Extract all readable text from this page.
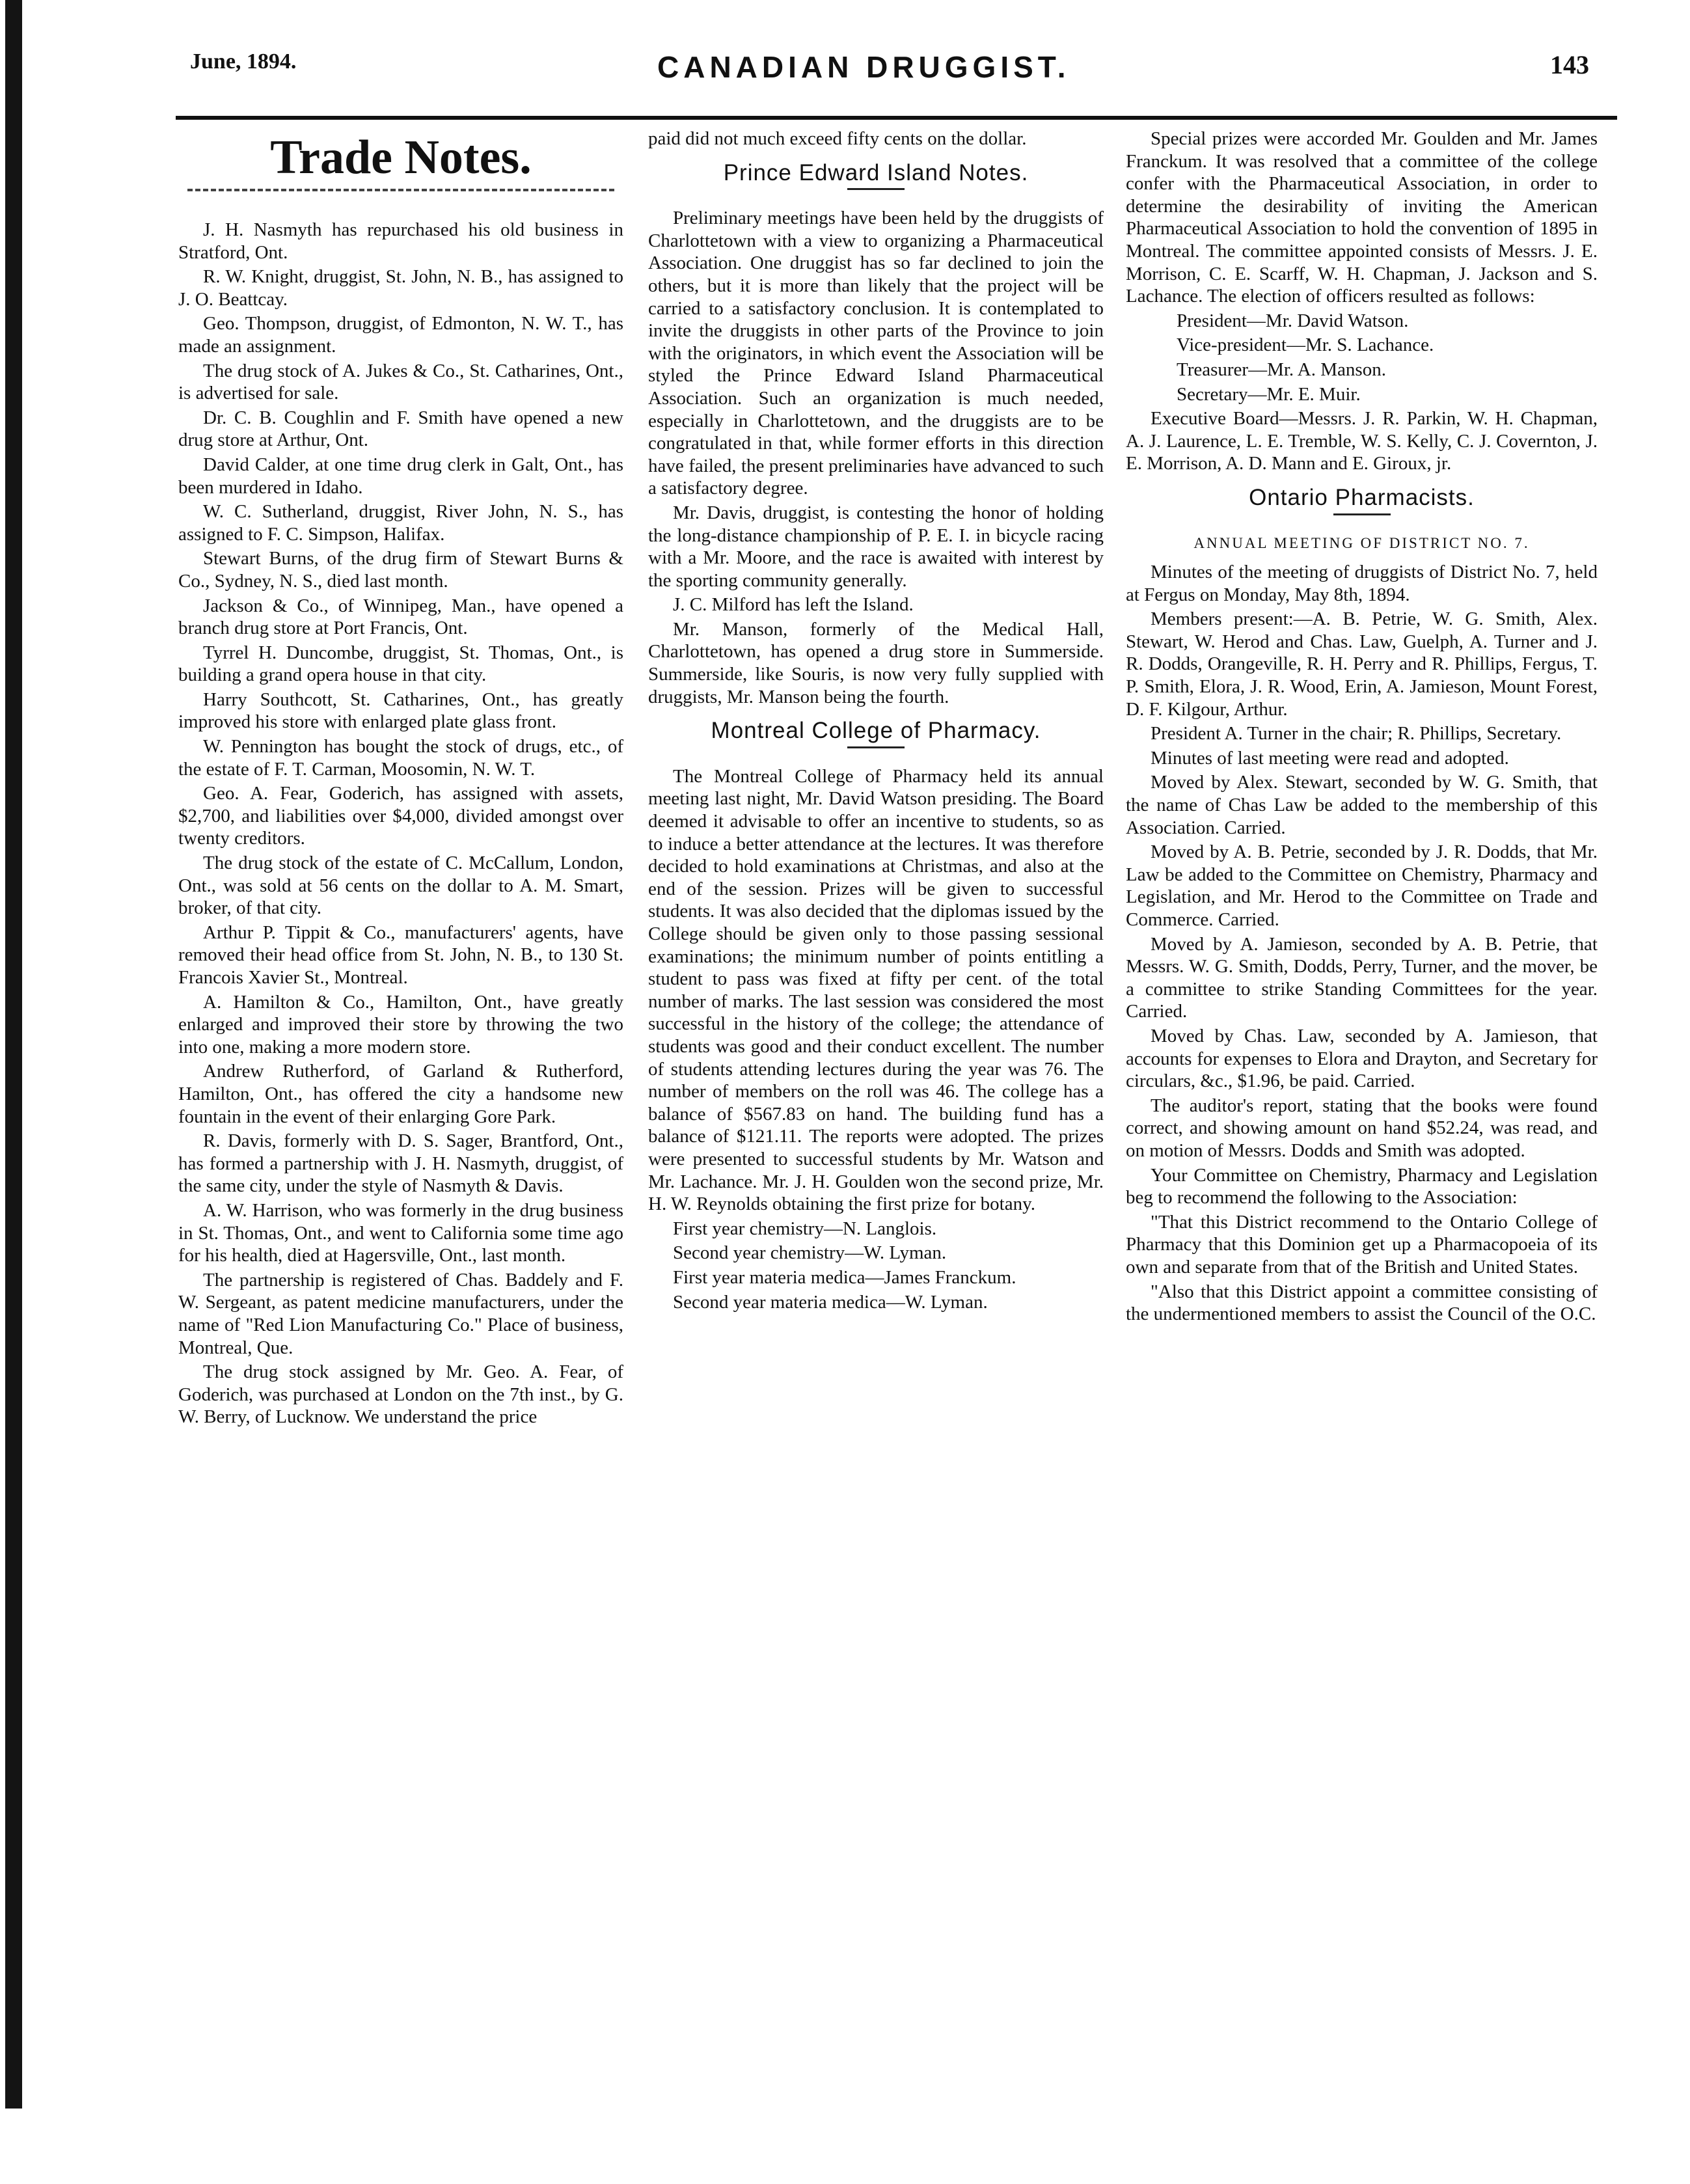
June, 1894.	CANADIAN DRUGGIST.	143
Trade Notes.

J. H. Nasmyth has repurchased his old business in Stratford, Ont.

R. W. Knight, druggist, St. John, N. B., has assigned to J. O. Beattcay.

Geo. Thompson, druggist, of Edmonton, N. W. T., has made an assignment.

The drug stock of A. Jukes & Co., St. Catharines, Ont., is advertised for sale.

Dr. C. B. Coughlin and F. Smith have opened a new drug store at Arthur, Ont.

David Calder, at one time drug clerk in Galt, Ont., has been murdered in Idaho.

W. C. Sutherland, druggist, River John, N. S., has assigned to F. C. Simpson, Halifax.

Stewart Burns, of the drug firm of Stewart Burns & Co., Sydney, N. S., died last month.

Jackson & Co., of Winnipeg, Man., have opened a branch drug store at Port Francis, Ont.

Tyrrel H. Duncombe, druggist, St. Thomas, Ont., is building a grand opera house in that city.

Harry Southcott, St. Catharines, Ont., has greatly improved his store with enlarged plate glass front.

W. Pennington has bought the stock of drugs, etc., of the estate of F. T. Carman, Moosomin, N. W. T.

Geo. A. Fear, Goderich, has assigned with assets, $2,700, and liabilities over $4,000, divided amongst over twenty creditors.

The drug stock of the estate of C. McCallum, London, Ont., was sold at 56 cents on the dollar to A. M. Smart, broker, of that city.

Arthur P. Tippit & Co., manufacturers' agents, have removed their head office from St. John, N. B., to 130 St. Francois Xavier St., Montreal.

A. Hamilton & Co., Hamilton, Ont., have greatly enlarged and improved their store by throwing the two into one, making a more modern store.

Andrew Rutherford, of Garland & Rutherford, Hamilton, Ont., has offered the city a handsome new fountain in the event of their enlarging Gore Park.

R. Davis, formerly with D. S. Sager, Brantford, Ont., has formed a partnership with J. H. Nasmyth, druggist, of the same city, under the style of Nasmyth & Davis.

A. W. Harrison, who was formerly in the drug business in St. Thomas, Ont., and went to California some time ago for his health, died at Hagersville, Ont., last month.

The partnership is registered of Chas. Baddely and F. W. Sergeant, as patent medicine manufacturers, under the name of "Red Lion Manufacturing Co." Place of business, Montreal, Que.

The drug stock assigned by Mr. Geo. A. Fear, of Goderich, was purchased at London on the 7th inst., by G. W. Berry, of Lucknow. We understand the price

paid did not much exceed fifty cents on the dollar.

Prince Edward Island Notes.

Preliminary meetings have been held by the druggists of Charlottetown with a view to organizing a Pharmaceutical Association. One druggist has so far declined to join the others, but it is more than likely that the project will be carried to a satisfactory conclusion. It is contemplated to invite the druggists in other parts of the Province to join with the originators, in which event the Association will be styled the Prince Edward Island Pharmaceutical Association. Such an organization is much needed, especially in Charlottetown, and the druggists are to be congratulated in that, while former efforts in this direction have failed, the present preliminaries have advanced to such a satisfactory degree.

Mr. Davis, druggist, is contesting the honor of holding the long-distance championship of P. E. I. in bicycle racing with a Mr. Moore, and the race is awaited with interest by the sporting community generally.

J. C. Milford has left the Island.

Mr. Manson, formerly of the Medical Hall, Charlottetown, has opened a drug store in Summerside. Summerside, like Souris, is now very fully supplied with druggists, Mr. Manson being the fourth.

Montreal College of Pharmacy.

The Montreal College of Pharmacy held its annual meeting last night, Mr. David Watson presiding. The Board deemed it advisable to offer an incentive to students, so as to induce a better attendance at the lectures. It was therefore decided to hold examinations at Christmas, and also at the end of the session. Prizes will be given to successful students. It was also decided that the diplomas issued by the College should be given only to those passing sessional examinations; the minimum number of points entitling a student to pass was fixed at fifty per cent. of the total number of marks. The last session was considered the most successful in the history of the college; the attendance of students was good and their conduct excellent. The number of students attending lectures during the year was 76. The number of members on the roll was 46. The college has a balance of $567.83 on hand. The building fund has a balance of $121.11. The reports were adopted. The prizes were presented to successful students by Mr. Watson and Mr. Lachance. Mr. J. H. Goulden won the second prize, Mr. H. W. Reynolds obtaining the first prize for botany.

First year chemistry—N. Langlois.

Second year chemistry—W. Lyman.

First year materia medica—James Franckum.

Second year materia medica—W. Lyman.

Special prizes were accorded Mr. Goulden and Mr. James Franckum. It was resolved that a committee of the college confer with the Pharmaceutical Association, in order to determine the desirability of inviting the American Pharmaceutical Association to hold the convention of 1895 in Montreal. The committee appointed consists of Messrs. J. E. Morrison, C. E. Scarff, W. H. Chapman, J. Jackson and S. Lachance. The election of officers resulted as follows:

President—Mr. David Watson.

Vice-president—Mr. S. Lachance.

Treasurer—Mr. A. Manson.

Secretary—Mr. E. Muir.

Executive Board—Messrs. J. R. Parkin, W. H. Chapman, A. J. Laurence, L. E. Tremble, W. S. Kelly, C. J. Covernton, J. E. Morrison, A. D. Mann and E. Giroux, jr.

Ontario Pharmacists.
ANNUAL MEETING OF DISTRICT NO. 7.

Minutes of the meeting of druggists of District No. 7, held at Fergus on Monday, May 8th, 1894.

Members present:—A. B. Petrie, W. G. Smith, Alex. Stewart, W. Herod and Chas. Law, Guelph, A. Turner and J. R. Dodds, Orangeville, R. H. Perry and R. Phillips, Fergus, T. P. Smith, Elora, J. R. Wood, Erin, A. Jamieson, Mount Forest, D. F. Kilgour, Arthur.

President A. Turner in the chair; R. Phillips, Secretary.

Minutes of last meeting were read and adopted.

Moved by Alex. Stewart, seconded by W. G. Smith, that the name of Chas Law be added to the membership of this Association. Carried.

Moved by A. B. Petrie, seconded by J. R. Dodds, that Mr. Law be added to the Committee on Chemistry, Pharmacy and Legislation, and Mr. Herod to the Committee on Trade and Commerce. Carried.

Moved by A. Jamieson, seconded by A. B. Petrie, that Messrs. W. G. Smith, Dodds, Perry, Turner, and the mover, be a committee to strike Standing Committees for the year. Carried.

Moved by Chas. Law, seconded by A. Jamieson, that accounts for expenses to Elora and Drayton, and Secretary for circulars, &c., $1.96, be paid. Carried.

The auditor's report, stating that the books were found correct, and showing amount on hand $52.24, was read, and on motion of Messrs. Dodds and Smith was adopted.

Your Committee on Chemistry, Pharmacy and Legislation beg to recommend the following to the Association:

"That this District recommend to the Ontario College of Pharmacy that this Dominion get up a Pharmacopoeia of its own and separate from that of the British and United States.

"Also that this District appoint a committee consisting of the undermentioned members to assist the Council of the O.C.
